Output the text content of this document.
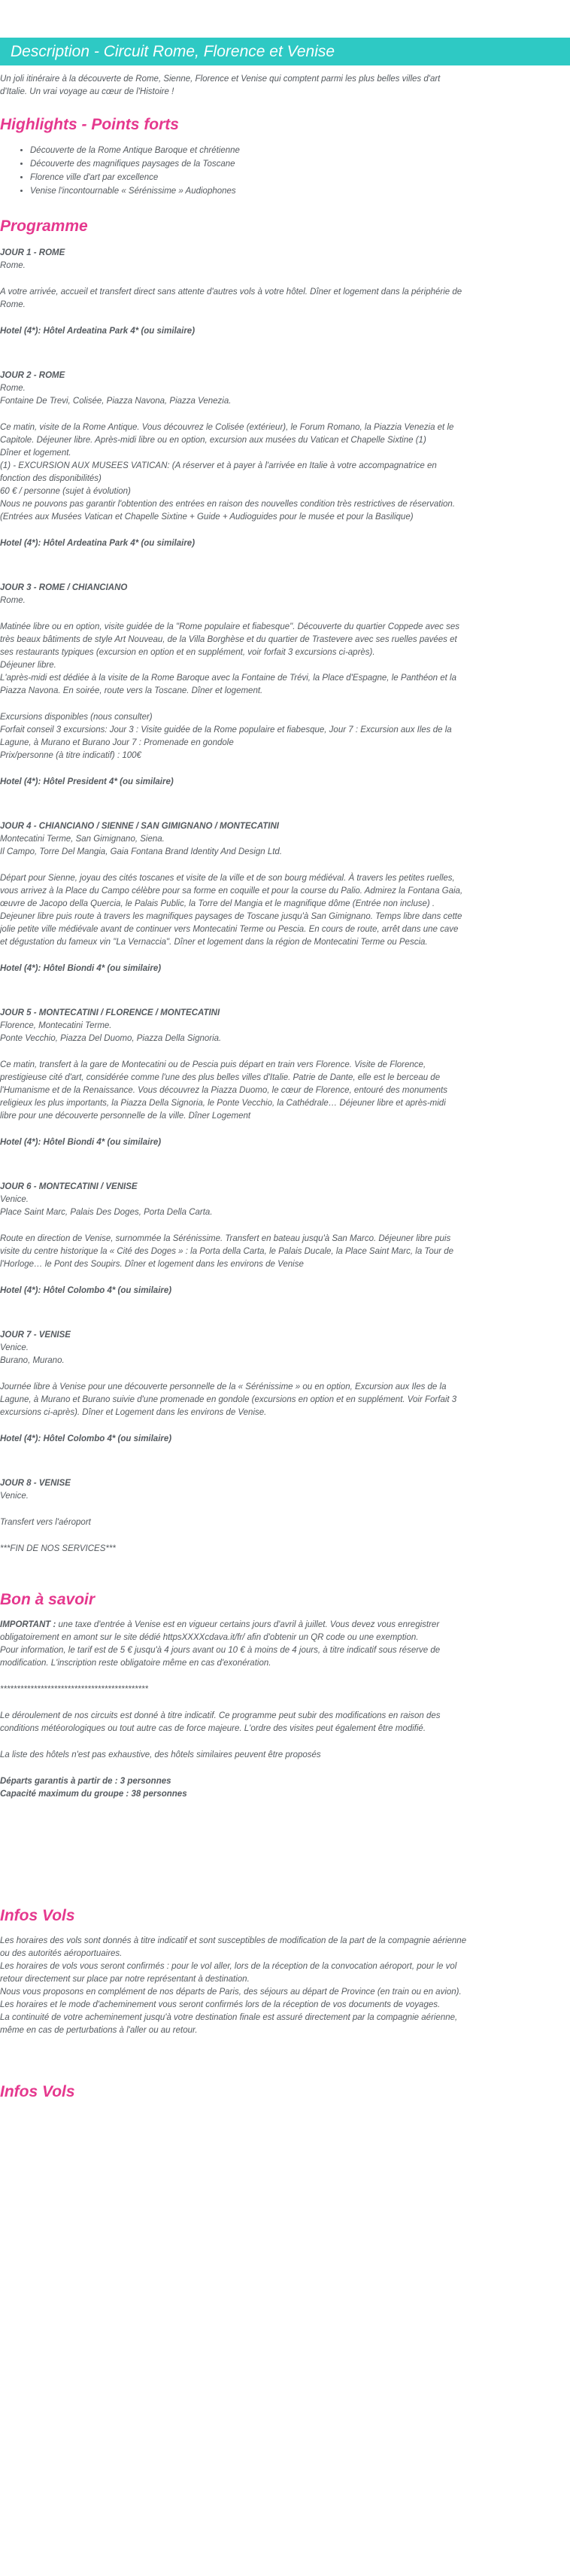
Description - Circuit Rome, Florence et Venise
Un joli itinéraire à la découverte de Rome, Sienne, Florence et Venise qui comptent parmi les plus belles villes d'art
d'Italie. Un vrai voyage au cœur de l'Histoire !
Highlights - Points forts
• Découverte de la Rome Antique Baroque et chrétienne
• Découverte des magnifiques paysages de la Toscane
• Florence ville d'art par excellence
• Venise l'incontournable « Sérénissime » Audiophones
Programme
JOUR 1 - ROME
Rome.
A votre arrivée, accueil et transfert direct sans attente d'autres vols à votre hôtel. Dîner et logement dans la périphérie de
Rome.
Hotel (4*): Hôtel Ardeatina Park 4* (ou similaire)
JOUR 2 - ROME
Rome.
Fontaine De Trevi, Colisée, Piazza Navona, Piazza Venezia.
Ce matin, visite de la Rome Antique. Vous découvrez le Colisée (extérieur), le Forum Romano, la Piazzia Venezia et le
Capitole. Déjeuner libre. Après-midi libre ou en option, excursion aux musées du Vatican et Chapelle Sixtine (1)
Dîner et logement.
(1) - EXCURSION AUX MUSEES VATICAN: (A réserver et à payer à l'arrivée en Italie à votre accompagnatrice en
fonction des disponibilités)
60 € / personne (sujet à évolution)
Nous ne pouvons pas garantir l'obtention des entrées en raison des nouvelles condition très restrictives de réservation.
(Entrées aux Musées Vatican et Chapelle Sixtine + Guide + Audioguides pour le musée et pour la Basilique)
Hotel (4*): Hôtel Ardeatina Park 4* (ou similaire)
JOUR 3 - ROME / CHIANCIANO
Rome.
Matinée libre ou en option, visite guidée de la "Rome populaire et fiabesque". Découverte du quartier Coppede avec ses
très beaux bâtiments de style Art Nouveau, de la Villa Borghèse et du quartier de Trastevere avec ses ruelles pavées et
ses restaurants typiques (excursion en option et en supplément, voir forfait 3 excursions ci-après).
Déjeuner libre.
L'après-midi est dédiée à la visite de la Rome Baroque avec la Fontaine de Trévi, la Place d'Espagne, le Panthéon et la
Piazza Navona. En soirée, route vers la Toscane. Dîner et logement.
Excursions disponibles (nous consulter)
Forfait conseil 3 excursions: Jour 3 : Visite guidée de la Rome populaire et fiabesque, Jour 7 : Excursion aux Iles de la
Lagune, à Murano et Burano Jour 7 : Promenade en gondole
Prix/personne (à titre indicatif) : 100€
Hotel (4*): Hôtel President 4* (ou similaire)
JOUR 4 - CHIANCIANO / SIENNE / SAN GIMIGNANO / MONTECATINI
Montecatini Terme, San Gimignano, Siena.
Il Campo, Torre Del Mangia, Gaia Fontana Brand Identity And Design Ltd.
Départ pour Sienne, joyau des cités toscanes et visite de la ville et de son bourg médiéval. À travers les petites ruelles,
vous arrivez à la Place du Campo célèbre pour sa forme en coquille et pour la course du Palio. Admirez la Fontana Gaia,
œuvre de Jacopo della Quercia, le Palais Public, la Torre del Mangia et le magnifique dôme (Entrée non incluse) .
Dejeuner libre puis route à travers les magnifiques paysages de Toscane jusqu'à San Gimignano. Temps libre dans cette
jolie petite ville médiévale avant de continuer vers Montecatini Terme ou Pescia. En cours de route, arrêt dans une cave
et dégustation du fameux vin "La Vernaccia". Dîner et logement dans la région de Montecatini Terme ou Pescia.
Hotel (4*): Hôtel Biondi 4* (ou similaire)
JOUR 5 - MONTECATINI / FLORENCE / MONTECATINI
Florence, Montecatini Terme.
Ponte Vecchio, Piazza Del Duomo, Piazza Della Signoria.
Ce matin, transfert à la gare de Montecatini ou de Pescia puis départ en train vers Florence. Visite de Florence,
prestigieuse cité d'art, considérée comme l'une des plus belles villes d'Italie. Patrie de Dante, elle est le berceau de
l'Humanisme et de la Renaissance. Vous découvrez la Piazza Duomo, le cœur de Florence, entouré des monuments
religieux les plus importants, la Piazza Della Signoria, le Ponte Vecchio, la Cathédrale… Déjeuner libre et après-midi
libre pour une découverte personnelle de la ville. Dîner Logement
Hotel (4*): Hôtel Biondi 4* (ou similaire)
JOUR 6 - MONTECATINI / VENISE
Venice.
Place Saint Marc, Palais Des Doges, Porta Della Carta.
Route en direction de Venise, surnommée la Sérénissime. Transfert en bateau jusqu'à San Marco. Déjeuner libre puis
visite du centre historique la « Cité des Doges » : la Porta della Carta, le Palais Ducale, la Place Saint Marc, la Tour de
l'Horloge… le Pont des Soupirs. Dîner et logement dans les environs de Venise
Hotel (4*): Hôtel Colombo 4* (ou similaire)
JOUR 7 - VENISE
Venice.
Burano, Murano.
Journée libre à Venise pour une découverte personnelle de la « Sérénissime » ou en option, Excursion aux Iles de la
Lagune, à Murano et Burano suivie d'une promenade en gondole (excursions en option et en supplément. Voir Forfait 3
excursions ci-après). Dîner et Logement dans les environs de Venise.
Hotel (4*): Hôtel Colombo 4* (ou similaire)
JOUR 8 - VENISE
Venice.
Transfert vers l'aéroport
***FIN DE NOS SERVICES***
Bon à savoir
IMPORTANT : une taxe d'entrée à Venise est en vigueur certains jours d'avril à juillet. Vous devez vous enregistrer
obligatoirement en amont sur le site dédié httpsXXXXcdava.it/fr/ afin d'obtenir un QR code ou une exemption.
Pour information, le tarif est de 5 € jusqu'à 4 jours avant ou 10 € à moins de 4 jours, à titre indicatif sous réserve de
modification. L'inscription reste obligatoire même en cas d'exonération.
********************************************
Le déroulement de nos circuits est donné à titre indicatif. Ce programme peut subir des modifications en raison des
conditions météorologiques ou tout autre cas de force majeure. L'ordre des visites peut également être modifié.
La liste des hôtels n'est pas exhaustive, des hôtels similaires peuvent être proposés
Départs garantis à partir de : 3 personnes
Capacité maximum du groupe : 38 personnes
Infos Vols
Les horaires des vols sont donnés à titre indicatif et sont susceptibles de modification de la part de la compagnie aérienne
ou des autorités aéroportuaires.
Les horaires de vols vous seront confirmés : pour le vol aller, lors de la réception de la convocation aéroport, pour le vol
retour directement sur place par notre représentant à destination.
Nous vous proposons en complément de nos départs de Paris, des séjours au départ de Province (en train ou en avion).
Les horaires et le mode d'acheminement vous seront confirmés lors de la réception de vos documents de voyages.
La continuité de votre acheminement jusqu'à votre destination finale est assuré directement par la compagnie aérienne,
même en cas de perturbations à l'aller ou au retour.
Infos Vols
